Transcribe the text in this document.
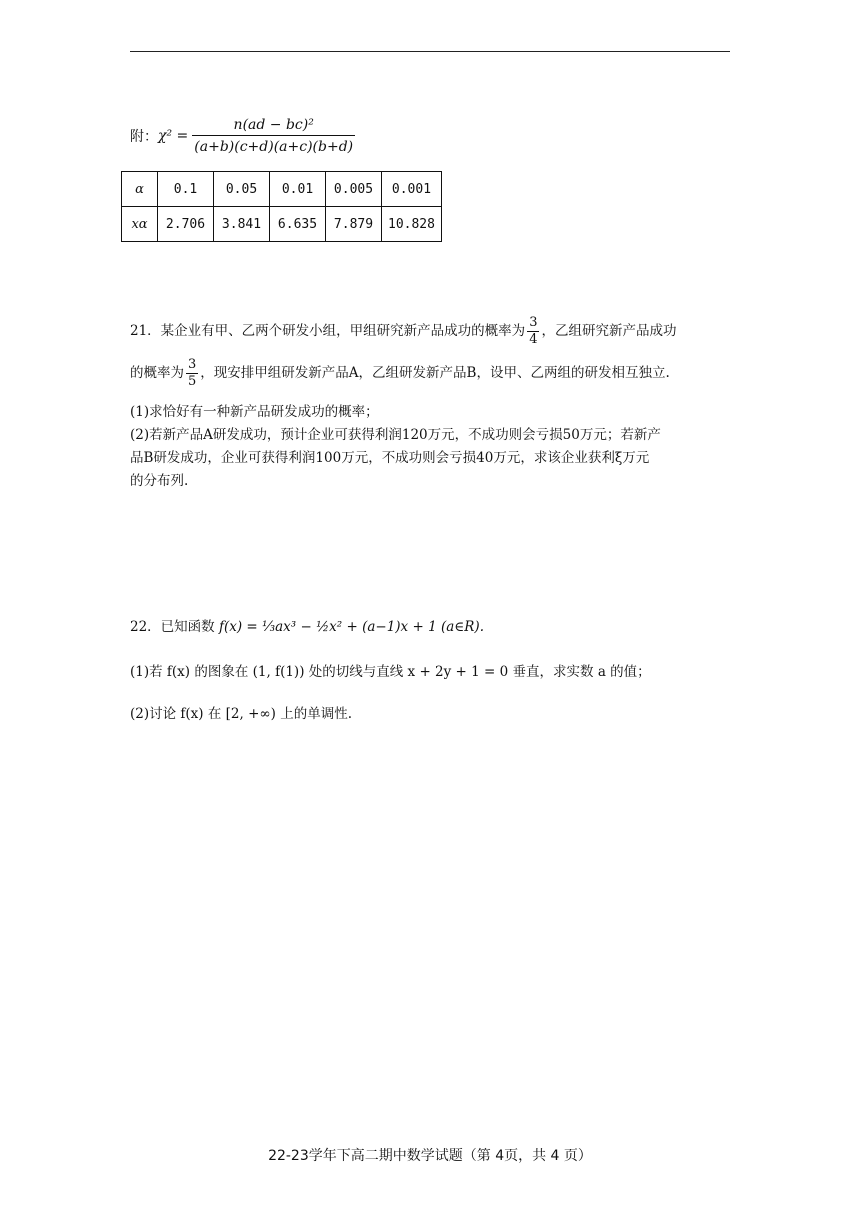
附： $\chi^2 = \frac{\text{n(ad − bc)²}}{(a+b)(c+d)(a+c)(b+d)}$
α	0.1	0.05	0.01	0.005	0.001
xα	2.706	3.841	6.635	7.879	10.828
21．某企业有甲、乙两个研发小组，甲组研究新产品成功的概率为 $\frac{3}{4}$ ，乙组研究新产品成功
的概率为 $\frac{3}{5}$ ，现安排甲组研发新产品A，乙组研发新产品B，设甲、乙两组的研发相互独立.
(1)求恰好有一种新产品研发成功的概率；
(2)若新产品A研发成功，预计企业可获得利润120万元，不成功则会亏损50万元；若新产
品B研发成功，企业可获得利润100万元，不成功则会亏损40万元，求该企业获利ξ万元
的分布列.
22．已知函数 f(x) = ⅓ax³ − ½x² + (a−1)x + 1 (a∈R).
(1)若 f(x) 的图象在 (1, f(1)) 处的切线与直线 x + 2y + 1 = 0 垂直，求实数 a 的值；
(2)讨论 f(x) 在 [2, +∞) 上的单调性.
22-23学年下高二期中数学试题（第 4页，共 4 页）
